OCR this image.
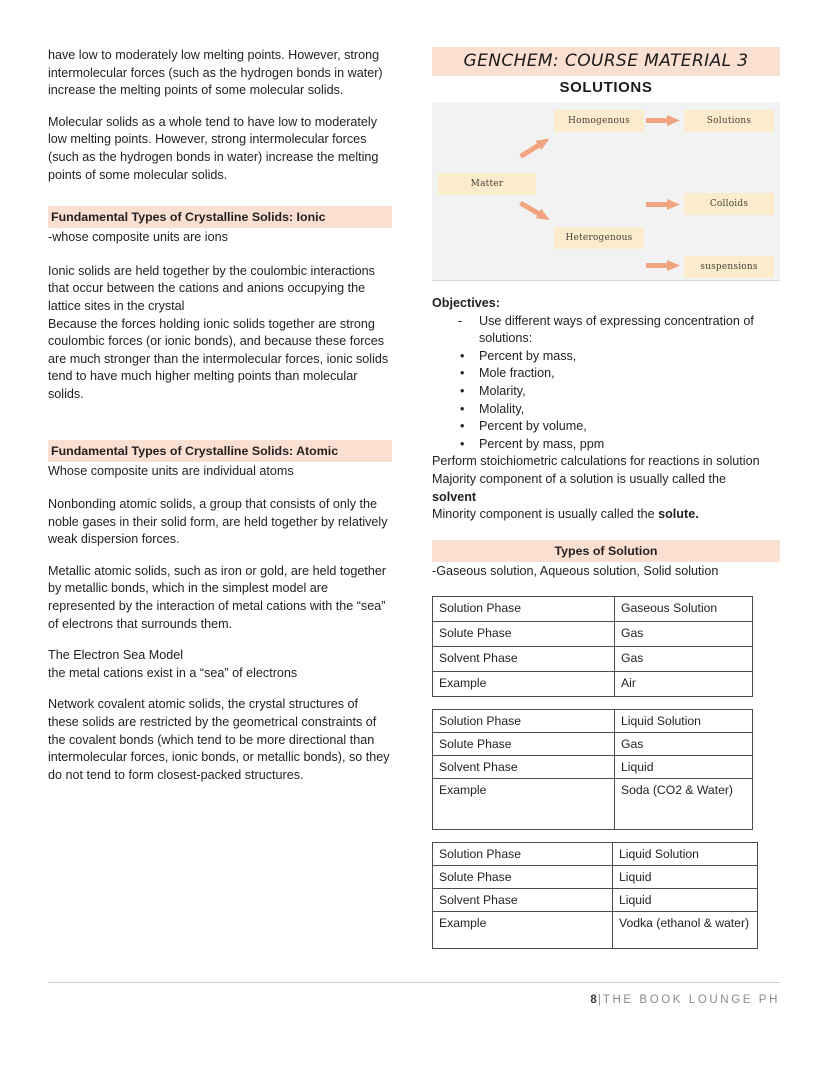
have low to moderately low melting points. However, strong intermolecular forces (such as the hydrogen bonds in water) increase the melting points of some molecular solids.

Molecular solids as a whole tend to have low to moderately low melting points. However, strong intermolecular forces (such as the hydrogen bonds in water) increase the melting points of some molecular solids.

Fundamental Types of Crystalline Solids: Ionic

-whose composite units are ions

Ionic solids are held together by the coulombic interactions that occur between the cations and anions occupying the lattice sites in the crystal

Because the forces holding ionic solids together are strong coulombic forces (or ionic bonds), and because these forces are much stronger than the intermolecular forces, ionic solids tend to have much higher melting points than molecular solids.

Fundamental Types of Crystalline Solids: Atomic

Whose composite units are individual atoms

Nonbonding atomic solids, a group that consists of only the noble gases in their solid form, are held together by relatively weak dispersion forces.

Metallic atomic solids, such as iron or gold, are held together by metallic bonds, which in the simplest model are represented by the interaction of metal cations with the “sea” of electrons that surrounds them.

The Electron Sea Model

the metal cations exist in a “sea” of electrons

Network covalent atomic solids, the crystal structures of these solids are restricted by the geometrical constraints of the covalent bonds (which tend to be more directional than intermolecular forces, ionic bonds, or metallic bonds), so they do not tend to form closest-packed structures.

GENCHEM: COURSE MATERIAL 3
SOLUTIONS
Matter
Homogenous	Solutions
Heterogenous
Colloids
suspensions
Objectives:
- Use different ways of expressing concentration of solutions:
• Percent by mass,
• Mole fraction,
• Molarity,
• Molality,
• Percent by volume,
• Percent by mass, ppm

Perform stoichiometric calculations for reactions in solution

Majority component of a solution is usually called the
solvent

Minority component is usually called the solute.

Types of Solution

-Gaseous solution, Aqueous solution, Solid solution

Solution Phase	Gaseous Solution
Solute Phase	Gas
Solvent Phase	Gas
Example	Air
Solution Phase	Liquid Solution
Solute Phase	Gas
Solvent Phase	Liquid
Example	Soda (CO2 & Water)
Solution Phase	Liquid Solution
Solute Phase	Liquid
Solvent Phase	Liquid
Example	Vodka (ethanol & water)
8| THE BOOK LOUNGE PH
